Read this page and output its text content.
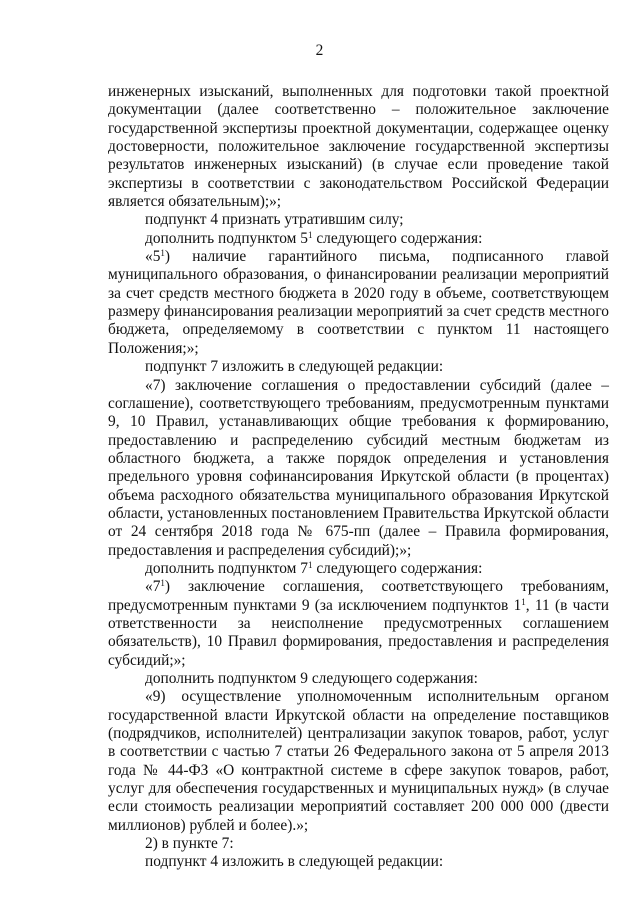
2

инженерных изысканий, выполненных для подготовки такой проектной документации (далее соответственно – положительное заключение государственной экспертизы проектной документации, содержащее оценку достоверности, положительное заключение государственной экспертизы результатов инженерных изысканий) (в случае если проведение такой экспертизы в соответствии с законодательством Российской Федерации является обязательным);»;

подпункт 4 признать утратившим силу;

дополнить подпунктом $5^1$ следующего содержания:

«$5^1$) наличие гарантийного письма, подписанного главой муниципального образования, о финансировании реализации мероприятий за счет средств местного бюджета в 2020 году в объеме, соответствующем размеру финансирования реализации мероприятий за счет средств местного бюджета, определяемому в соответствии с пунктом 11 настоящего Положения;»;

подпункт 7 изложить в следующей редакции:

«7) заключение соглашения о предоставлении субсидий (далее – соглашение), соответствующего требованиям, предусмотренным пунктами 9, 10 Правил, устанавливающих общие требования к формированию, предоставлению и распределению субсидий местным бюджетам из областного бюджета, а также порядок определения и установления предельного уровня софинансирования Иркутской области (в процентах) объема расходного обязательства муниципального образования Иркутской области, установленных постановлением Правительства Иркутской области от 24 сентября 2018 года № 675-пп (далее – Правила формирования, предоставления и распределения субсидий);»;

дополнить подпунктом $7^1$ следующего содержания:

«$7^1$) заключение соглашения, соответствующего требованиям, предусмотренным пунктами 9 (за исключением подпунктов $1^1$, 11 (в части ответственности за неисполнение предусмотренных соглашением обязательств), 10 Правил формирования, предоставления и распределения субсидий;»;

дополнить подпунктом 9 следующего содержания:

«9) осуществление уполномоченным исполнительным органом государственной власти Иркутской области на определение поставщиков (подрядчиков, исполнителей) централизации закупок товаров, работ, услуг в соответствии с частью 7 статьи 26 Федерального закона от 5 апреля 2013 года № 44-ФЗ «О контрактной системе в сфере закупок товаров, работ, услуг для обеспечения государственных и муниципальных нужд» (в случае если стоимость реализации мероприятий составляет 200 000 000 (двести миллионов) рублей и более).»;

2) в пункте 7:

подпункт 4 изложить в следующей редакции:
